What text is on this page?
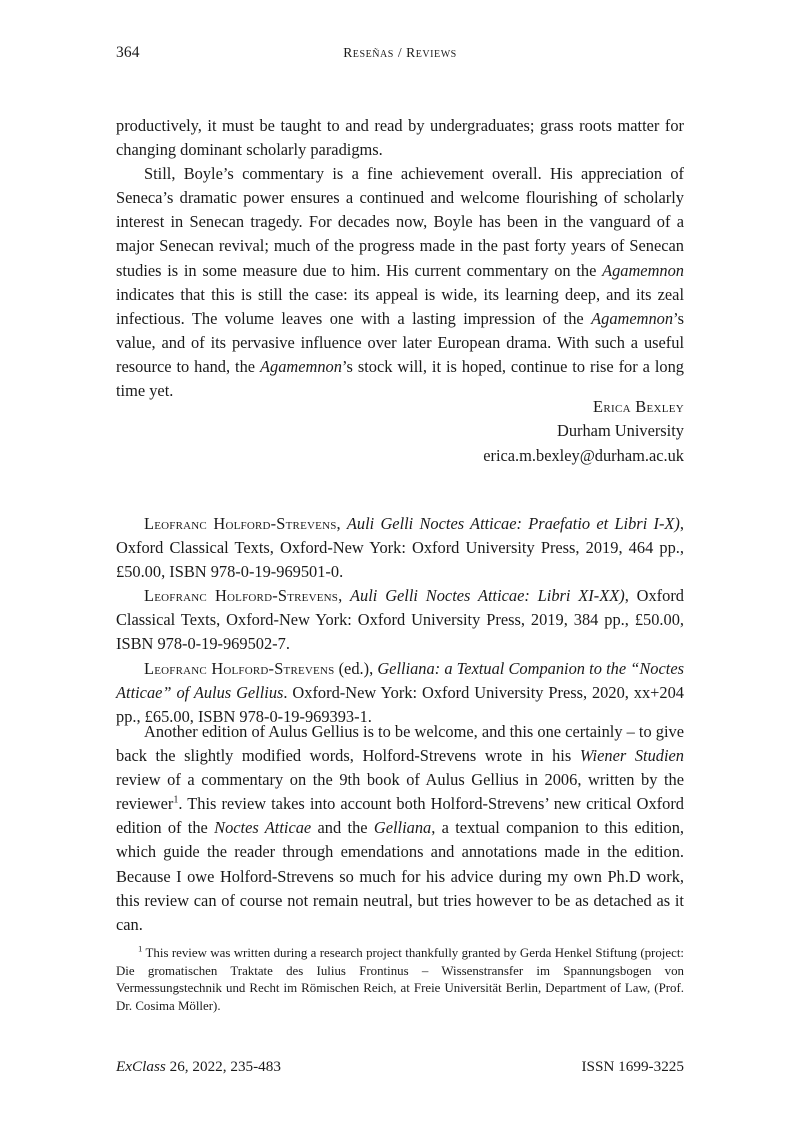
364	Reseñas / Reviews

productively, it must be taught to and read by undergraduates; grass roots matter for changing dominant scholarly paradigms.

Still, Boyle’s commentary is a fine achievement overall. His appreciation of Seneca’s dramatic power ensures a continued and welcome flourishing of scholarly interest in Senecan tragedy. For decades now, Boyle has been in the vanguard of a major Senecan revival; much of the progress made in the past forty years of Senecan studies is in some measure due to him. His current commentary on the Agamemnon indicates that this is still the case: its appeal is wide, its learning deep, and its zeal infectious. The volume leaves one with a lasting impression of the Agamemnon’s value, and of its pervasive influence over later European drama. With such a useful resource to hand, the Agamemnon’s stock will, it is hoped, continue to rise for a long time yet.

Erica Bexley
Durham University
erica.m.bexley@durham.ac.uk

Leofranc Holford-Strevens, Auli Gelli Noctes Atticae: Praefatio et Libri I-X), Oxford Classical Texts, Oxford-New York: Oxford University Press, 2019, 464 pp., £50.00, ISBN 978-0-19-969501-0.

Leofranc Holford-Strevens, Auli Gelli Noctes Atticae: Libri XI-XX), Oxford Classical Texts, Oxford-New York: Oxford University Press, 2019, 384 pp., £50.00, ISBN 978-0-19-969502-7.

Leofranc Holford-Strevens (ed.), Gelliana: a Textual Companion to the “Noctes Atticae” of Aulus Gellius. Oxford-New York: Oxford University Press, 2020, xx+204 pp., £65.00, ISBN 978-0-19-969393-1.

Another edition of Aulus Gellius is to be welcome, and this one certainly – to give back the slightly modified words, Holford-Strevens wrote in his Wiener Studien review of a commentary on the 9th book of Aulus Gellius in 2006, written by the reviewer$^1$. This review takes into account both Holford-Strevens’ new critical Oxford edition of the Noctes Atticae and the Gelliana, a textual companion to this edition, which guide the reader through emendations and annotations made in the edition. Because I owe Holford-Strevens so much for his advice during my own Ph.D work, this review can of course not remain neutral, but tries however to be as detached as it can.

$^1$ This review was written during a research project thankfully granted by Gerda Henkel Stiftung (project: Die gromatischen Traktate des Iulius Frontinus – Wissenstransfer im Spannungsbogen von Vermessungstechnik und Recht im Römischen Reich, at Freie Universität Berlin, Department of Law, (Prof. Dr. Cosima Möller).

ExClass 26, 2022, 235-483	ISSN 1699-3225
